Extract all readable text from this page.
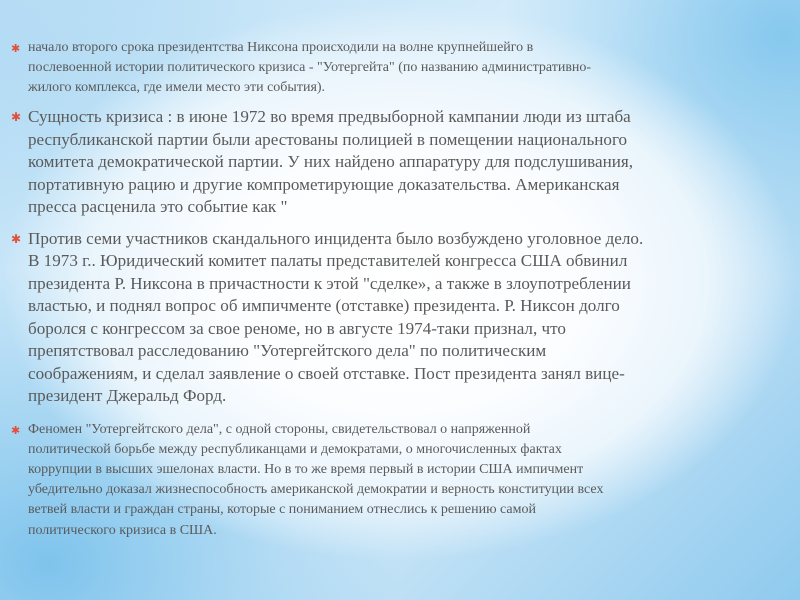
✱ начало второго срока президентства Никсона происходили на волне крупнейшейго в
послевоенной истории политического кризиса - "Уотергейта" (по названию административно-
жилого комплекса, где имели место эти события).
✱ Сущность кризиса : в июне 1972 во время предвыборной кампании люди из штаба
республиканской партии были арестованы полицией в помещении национального
комитета демократической партии. У них найдено аппаратуру для подслушивания,
портативную рацию и другие компрометирующие доказательства. Американская
пресса расценила это событие как "
✱ Против семи участников скандального инцидента было возбуждено уголовное дело.
В 1973 г.. Юридический комитет палаты представителей конгресса США обвинил
президента Р. Никсона в причастности к этой "сделке», а также в злоупотреблении
властью, и поднял вопрос об импичменте (отставке) президента. Р. Никсон долго
боролся с конгрессом за свое реноме, но в августе 1974-таки признал, что
препятствовал расследованию "Уотергейтского дела" по политическим
соображениям, и сделал заявление о своей отставке. Пост президента занял вице-
президент Джеральд Форд.
✱ Феномен "Уотергейтского дела", с одной стороны, свидетельствовал о напряженной
политической борьбе между республиканцами и демократами, о многочисленных фактах
коррупции в высших эшелонах власти. Но в то же время первый в истории США импичмент
убедительно доказал жизнеспособность американской демократии и верность конституции всех
ветвей власти и граждан страны, которые с пониманием отнеслись к решению самой
политического кризиса в США.
